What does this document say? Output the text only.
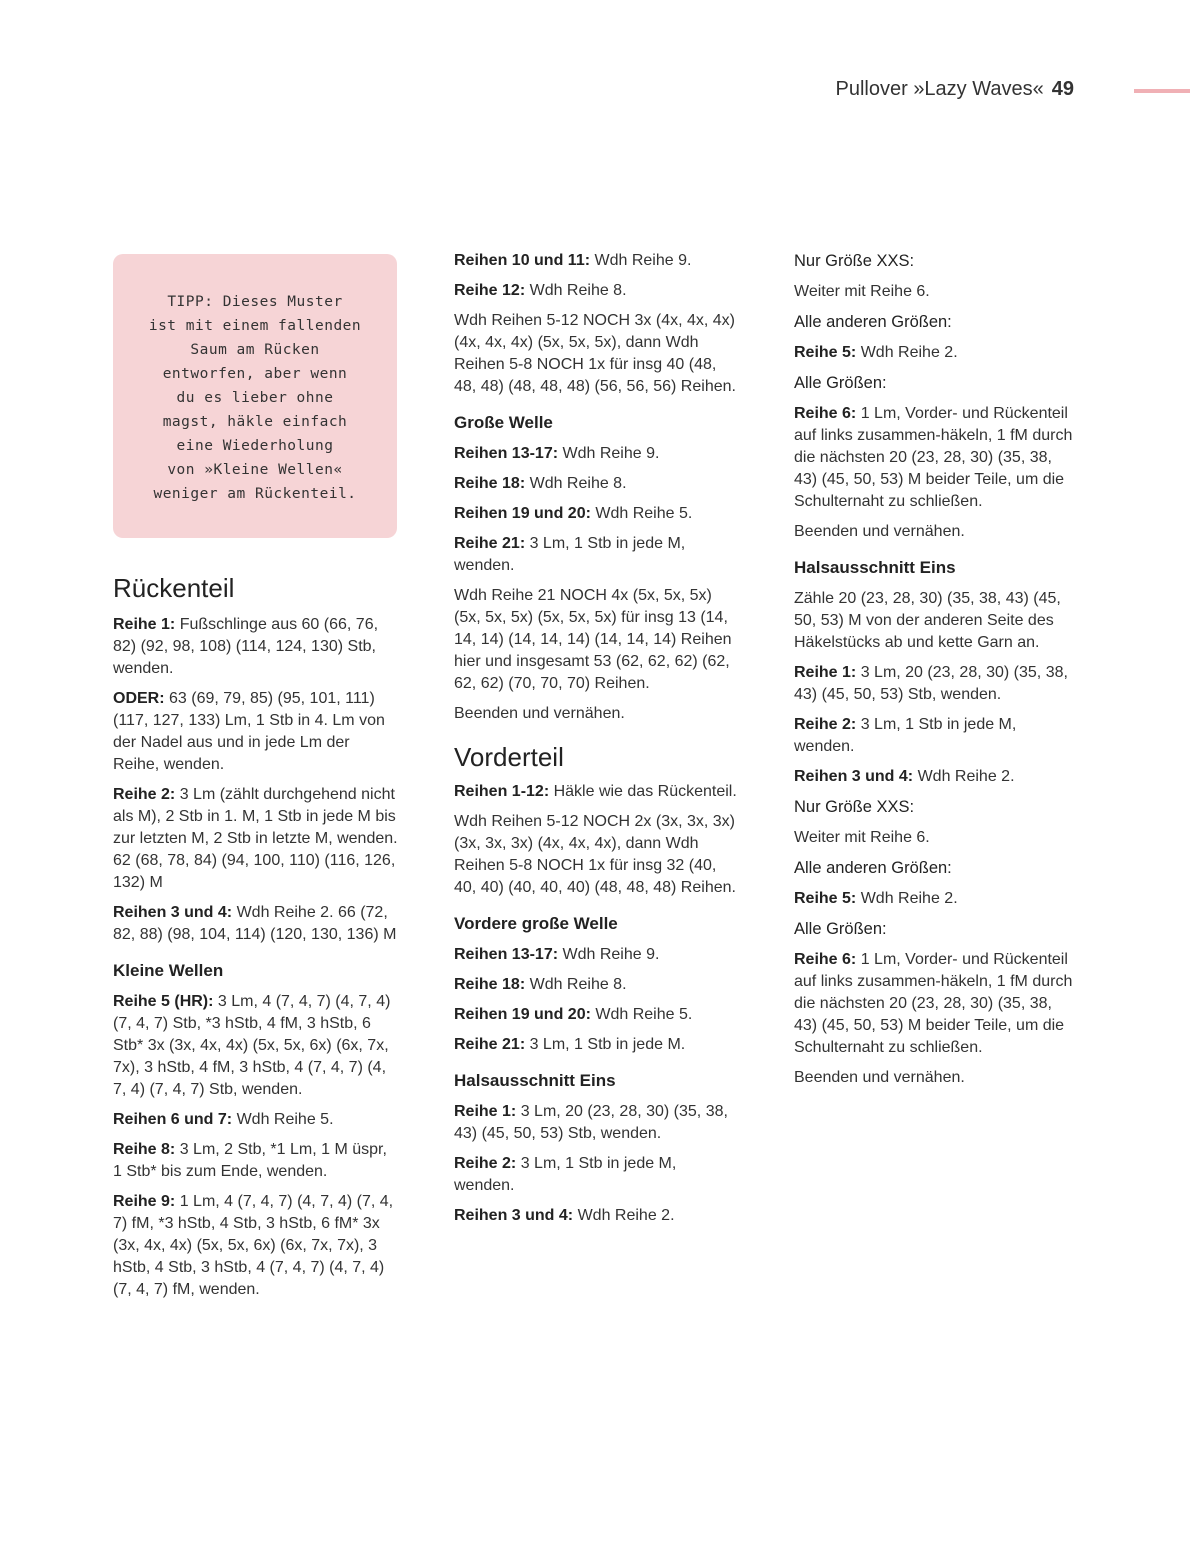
Pullover »Lazy Waves« 49
TIPP: Dieses Muster
ist mit einem fallenden
Saum am Rücken
entworfen, aber wenn
du es lieber ohne
magst, häkle einfach
eine Wiederholung
von »Kleine Wellen«
weniger am Rückenteil.
Rückenteil

Reihe 1: Fußschlinge aus 60 (66, 76, 82) (92, 98, 108) (114, 124, 130) Stb, wenden.

ODER: 63 (69, 79, 85) (95, 101, 111) (117, 127, 133) Lm, 1 Stb in 4. Lm von der Nadel aus und in jede Lm der Reihe, wenden.

Reihe 2: 3 Lm (zählt durchgehend nicht als M), 2 Stb in 1. M, 1 Stb in jede M bis zur letzten M, 2 Stb in letzte M, wenden. 62 (68, 78, 84) (94, 100, 110) (116, 126, 132) M

Reihen 3 und 4: Wdh Reihe 2. 66 (72, 82, 88) (98, 104, 114) (120, 130, 136) M

Kleine Wellen

Reihe 5 (HR): 3 Lm, 4 (7, 4, 7) (4, 7, 4) (7, 4, 7) Stb, *3 hStb, 4 fM, 3 hStb, 6 Stb* 3x (3x, 4x, 4x) (5x, 5x, 6x) (6x, 7x, 7x), 3 hStb, 4 fM, 3 hStb, 4 (7, 4, 7) (4, 7, 4) (7, 4, 7) Stb, wenden.

Reihen 6 und 7: Wdh Reihe 5.

Reihe 8: 3 Lm, 2 Stb, *1 Lm, 1 M üspr, 1 Stb* bis zum Ende, wenden.

Reihe 9: 1 Lm, 4 (7, 4, 7) (4, 7, 4) (7, 4, 7) fM, *3 hStb, 4 Stb, 3 hStb, 6 fM* 3x (3x, 4x, 4x) (5x, 5x, 6x) (6x, 7x, 7x), 3 hStb, 4 Stb, 3 hStb, 4 (7, 4, 7) (4, 7, 4) (7, 4, 7) fM, wenden.

Reihen 10 und 11: Wdh Reihe 9.

Reihe 12: Wdh Reihe 8.

Wdh Reihen 5-12 NOCH 3x (4x, 4x, 4x) (4x, 4x, 4x) (5x, 5x, 5x), dann Wdh Reihen 5-8 NOCH 1x für insg 40 (48, 48, 48) (48, 48, 48) (56, 56, 56) Reihen.

Große Welle

Reihen 13-17: Wdh Reihe 9.

Reihe 18: Wdh Reihe 8.

Reihen 19 und 20: Wdh Reihe 5.

Reihe 21: 3 Lm, 1 Stb in jede M, wenden.

Wdh Reihe 21 NOCH 4x (5x, 5x, 5x) (5x, 5x, 5x) (5x, 5x, 5x) für insg 13 (14, 14, 14) (14, 14, 14) (14, 14, 14) Reihen hier und insgesamt 53 (62, 62, 62) (62, 62, 62) (70, 70, 70) Reihen.

Beenden und vernähen.

Vorderteil

Reihen 1-12: Häkle wie das Rückenteil.

Wdh Reihen 5-12 NOCH 2x (3x, 3x, 3x) (3x, 3x, 3x) (4x, 4x, 4x), dann Wdh Reihen 5-8 NOCH 1x für insg 32 (40, 40, 40) (40, 40, 40) (48, 48, 48) Reihen.

Vordere große Welle

Reihen 13-17: Wdh Reihe 9.

Reihe 18: Wdh Reihe 8.

Reihen 19 und 20: Wdh Reihe 5.

Reihe 21: 3 Lm, 1 Stb in jede M.

Halsausschnitt Eins

Reihe 1: 3 Lm, 20 (23, 28, 30) (35, 38, 43) (45, 50, 53) Stb, wenden.

Reihe 2: 3 Lm, 1 Stb in jede M, wenden.

Reihen 3 und 4: Wdh Reihe 2.

Nur Größe XXS:

Weiter mit Reihe 6.

Alle anderen Größen:

Reihe 5: Wdh Reihe 2.

Alle Größen:

Reihe 6: 1 Lm, Vorder- und Rückenteil auf links zusammen-häkeln, 1 fM durch die nächsten 20 (23, 28, 30) (35, 38, 43) (45, 50, 53) M beider Teile, um die Schulternaht zu schließen.

Beenden und vernähen.

Halsausschnitt Eins

Zähle 20 (23, 28, 30) (35, 38, 43) (45, 50, 53) M von der anderen Seite des Häkelstücks ab und kette Garn an.

Reihe 1: 3 Lm, 20 (23, 28, 30) (35, 38, 43) (45, 50, 53) Stb, wenden.

Reihe 2: 3 Lm, 1 Stb in jede M, wenden.

Reihen 3 und 4: Wdh Reihe 2.

Nur Größe XXS:

Weiter mit Reihe 6.

Alle anderen Größen:

Reihe 5: Wdh Reihe 2.

Alle Größen:

Reihe 6: 1 Lm, Vorder- und Rückenteil auf links zusammen-häkeln, 1 fM durch die nächsten 20 (23, 28, 30) (35, 38, 43) (45, 50, 53) M beider Teile, um die Schulternaht zu schließen.

Beenden und vernähen.
